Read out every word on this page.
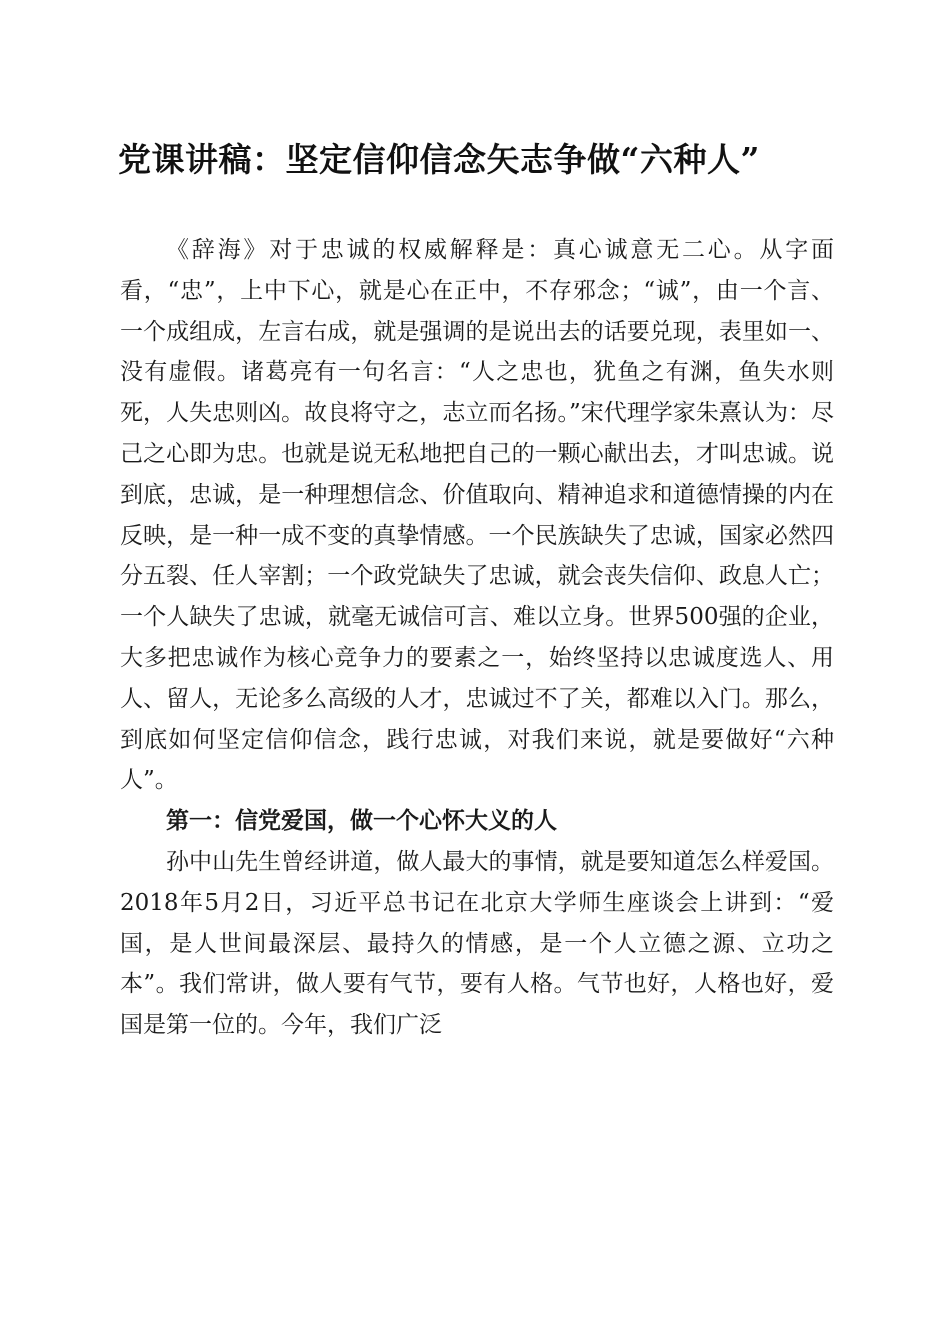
党课讲稿：坚定信仰信念矢志争做“六种人”

《辞海》对于忠诚的权威解释是：真心诚意无二心。从字面看，“忠”，上中下心，就是心在正中，不存邪念；“诚”，由一个言、一个成组成，左言右成，就是强调的是说出去的话要兑现，表里如一、没有虚假。诸葛亮有一句名言：“人之忠也，犹鱼之有渊，鱼失水则死，人失忠则凶。故良将守之，志立而名扬。”宋代理学家朱熹认为：尽己之心即为忠。也就是说无私地把自己的一颗心献出去，才叫忠诚。说到底，忠诚，是一种理想信念、价值取向、精神追求和道德情操的内在反映，是一种一成不变的真挚情感。一个民族缺失了忠诚，国家必然四分五裂、任人宰割；一个政党缺失了忠诚，就会丧失信仰、政息人亡；一个人缺失了忠诚，就毫无诚信可言、难以立身。世界500强的企业，大多把忠诚作为核心竞争力的要素之一，始终坚持以忠诚度选人、用人、留人，无论多么高级的人才，忠诚过不了关，都难以入门。那么，到底如何坚定信仰信念，践行忠诚，对我们来说，就是要做好“六种人”。

第一：信党爱国，做一个心怀大义的人

孙中山先生曾经讲道，做人最大的事情，就是要知道怎么样爱国。2018年5月2日，习近平总书记在北京大学师生座谈会上讲到：“爱国，是人世间最深层、最持久的情感，是一个人立德之源、立功之本”。我们常讲，做人要有气节，要有人格。气节也好，人格也好，爱国是第一位的。今年，我们广泛
